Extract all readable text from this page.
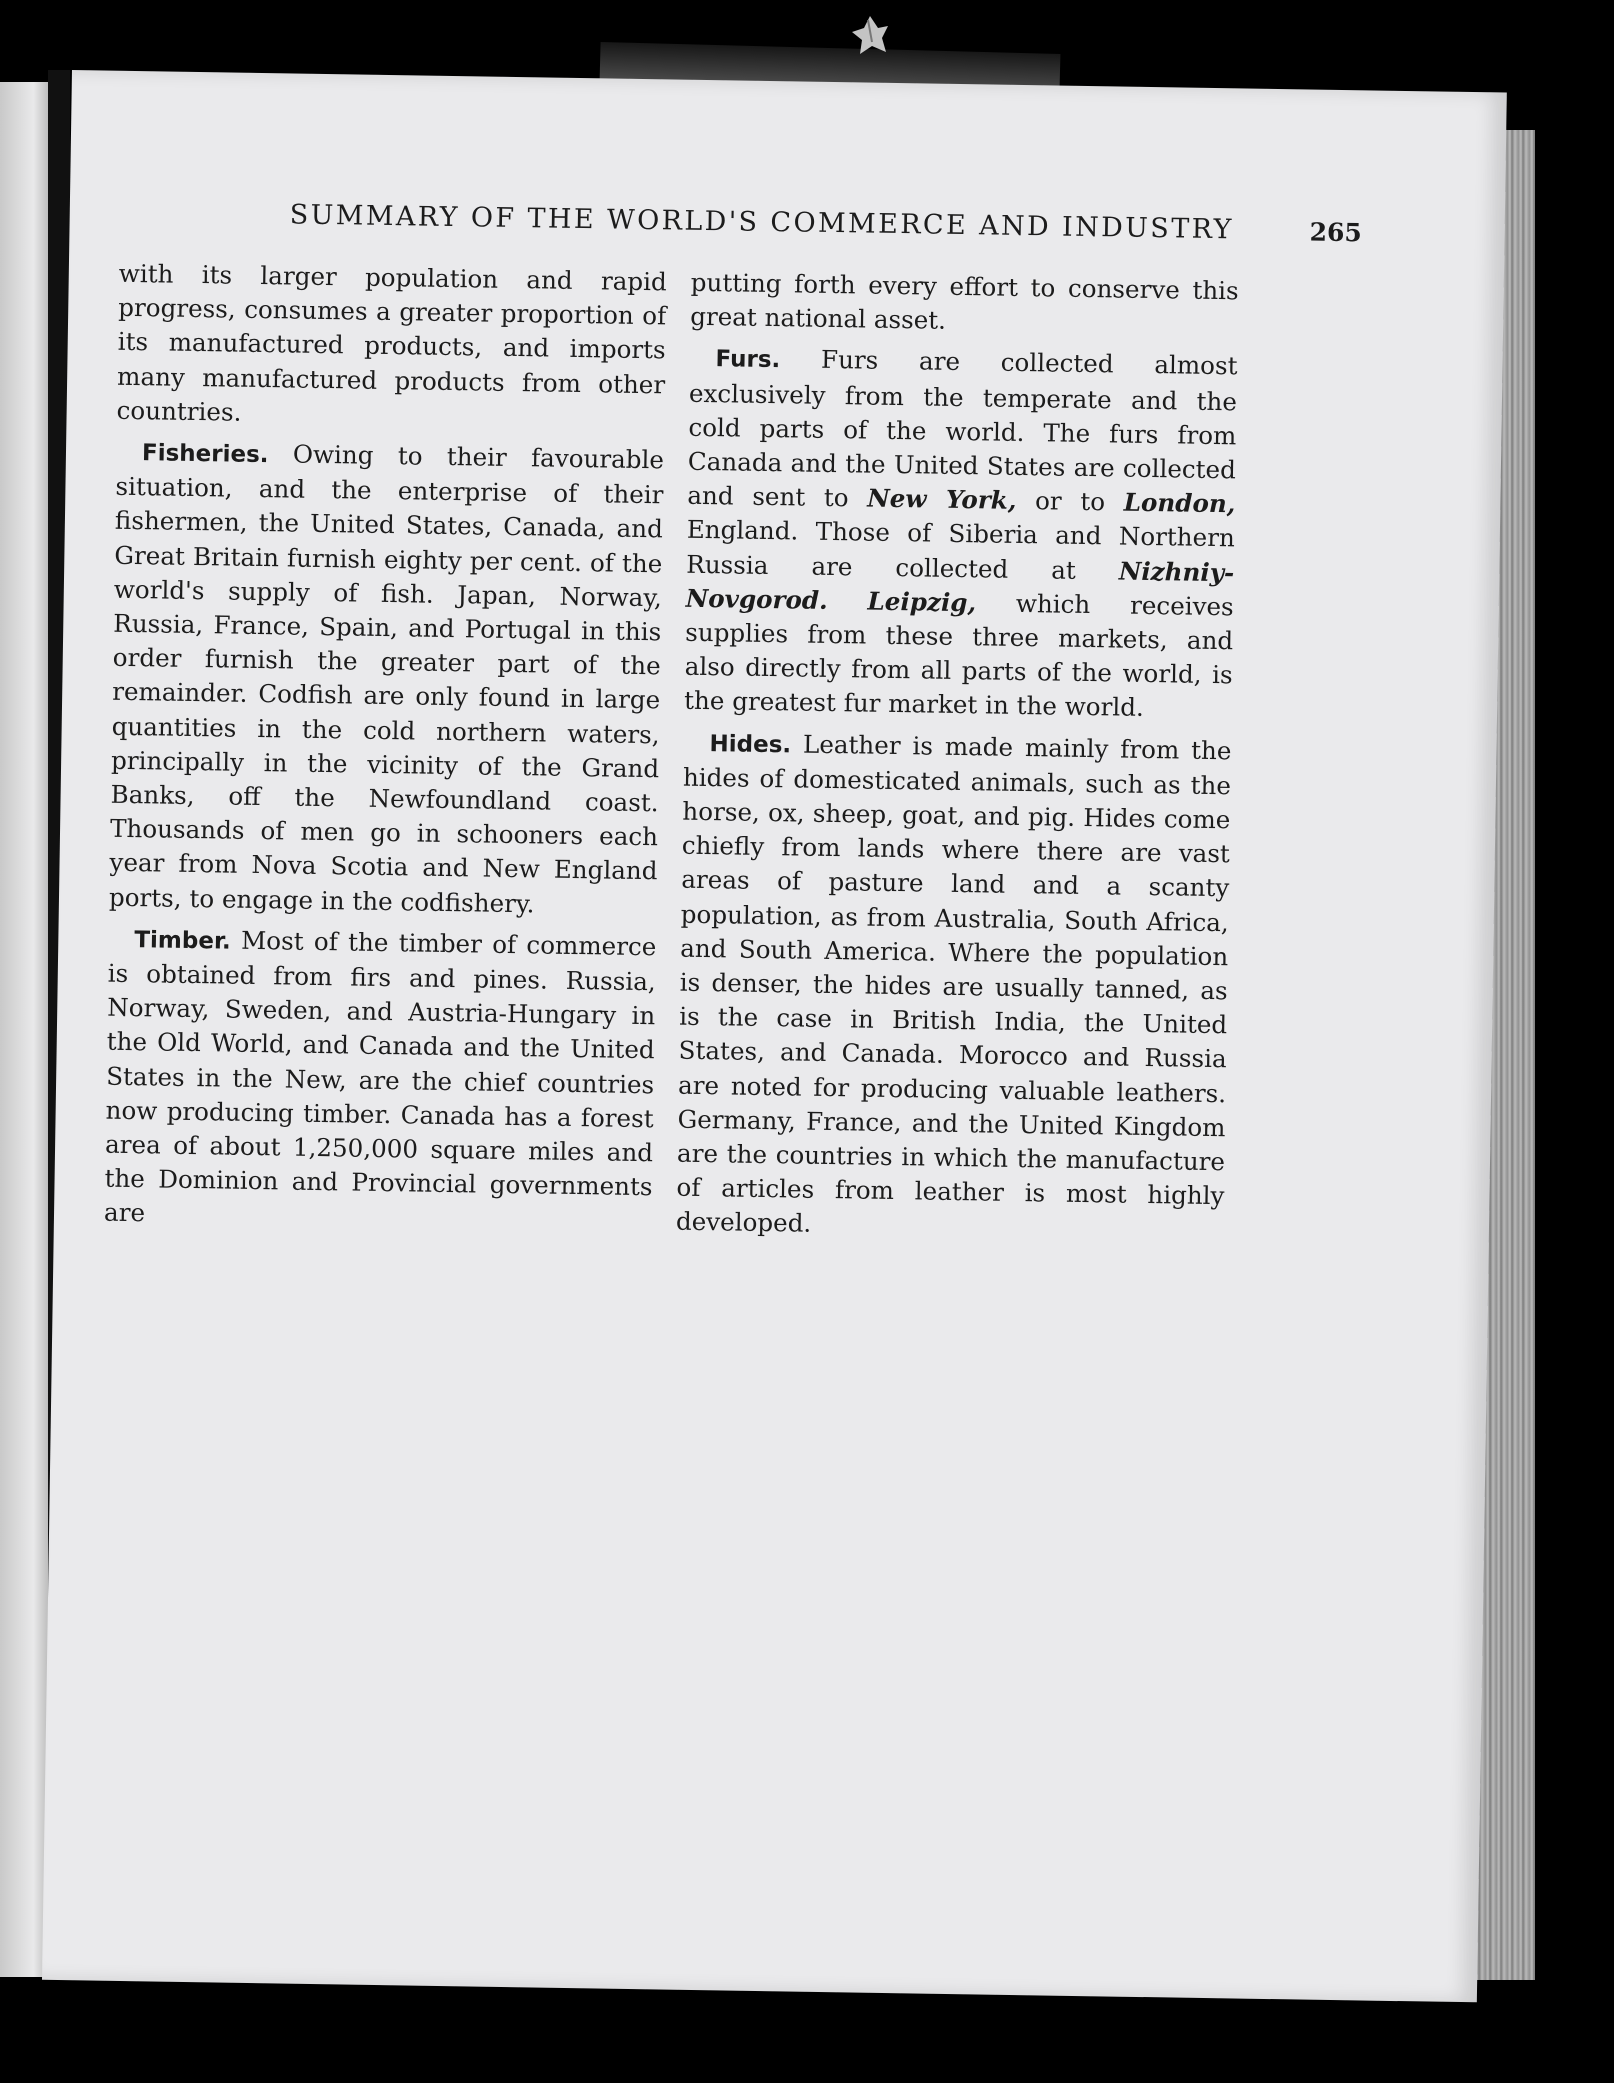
SUMMARY OF THE WORLD'S COMMERCE AND INDUSTRY	265

with its larger population and rapid progress, consumes a greater proportion of its manufactured products, and imports many manufactured products from other countries.

Fisheries. Owing to their favourable situation, and the enterprise of their fishermen, the United States, Canada, and Great Britain furnish eighty per cent. of the world's supply of fish. Japan, Norway, Russia, France, Spain, and Portugal in this order furnish the greater part of the remainder. Codfish are only found in large quantities in the cold northern waters, principally in the vicinity of the Grand Banks, off the Newfoundland coast. Thousands of men go in schooners each year from Nova Scotia and New England ports, to engage in the codfishery.

Timber. Most of the timber of commerce is obtained from firs and pines. Russia, Norway, Sweden, and Austria-Hungary in the Old World, and Canada and the United States in the New, are the chief countries now producing timber. Canada has a forest area of about 1,250,000 square miles and the Dominion and Provincial governments are

putting forth every effort to conserve this great national asset.

Furs. Furs are collected almost exclusively from the temperate and the cold parts of the world. The furs from Canada and the United States are collected and sent to New York, or to London, England. Those of Siberia and Northern Russia are collected at Nizhniy-Novgorod. Leipzig, which receives supplies from these three markets, and also directly from all parts of the world, is the greatest fur market in the world.

Hides. Leather is made mainly from the hides of domesticated animals, such as the horse, ox, sheep, goat, and pig. Hides come chiefly from lands where there are vast areas of pasture land and a scanty population, as from Australia, South Africa, and South America. Where the population is denser, the hides are usually tanned, as is the case in British India, the United States, and Canada. Morocco and Russia are noted for producing valuable leathers. Germany, France, and the United Kingdom are the countries in which the manufacture of articles from leather is most highly developed.
